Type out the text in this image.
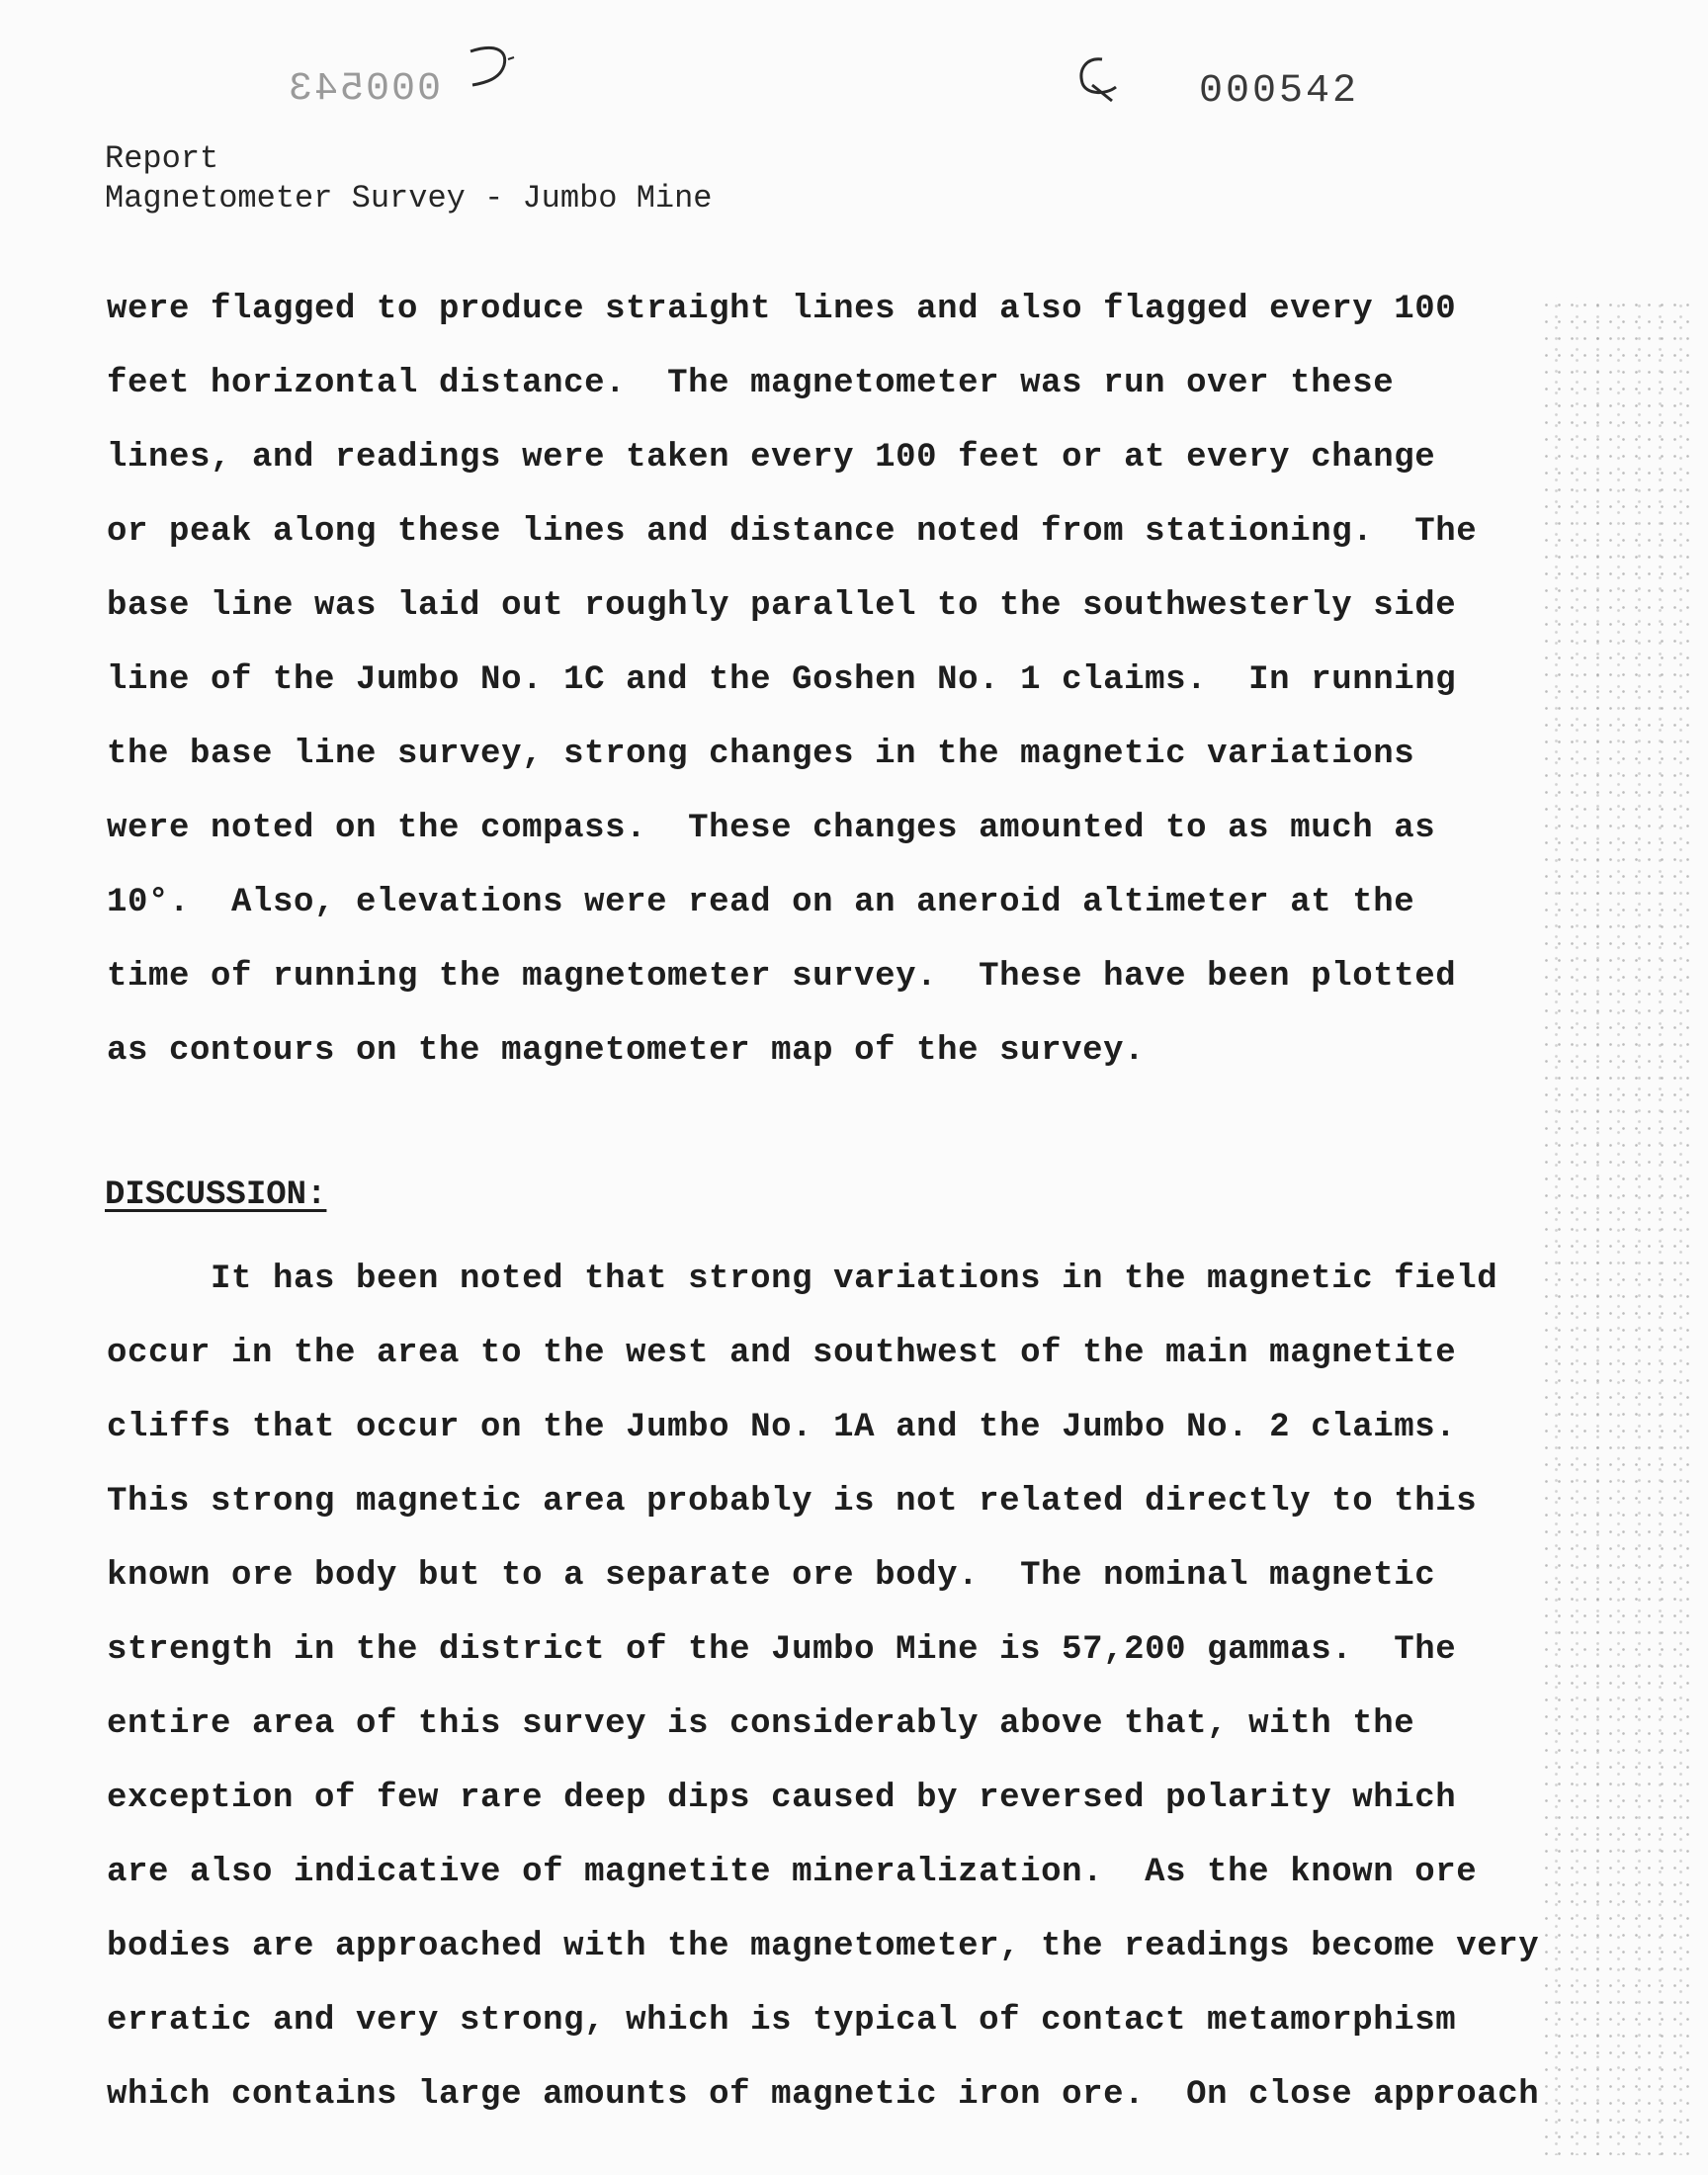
000543	000542
Report
Magnetometer Survey - Jumbo Mine
were flagged to produce straight lines and also flagged every 100
feet horizontal distance.  The magnetometer was run over these
lines, and readings were taken every 100 feet or at every change
or peak along these lines and distance noted from stationing.  The
base line was laid out roughly parallel to the southwesterly side
line of the Jumbo No. 1C and the Goshen No. 1 claims.  In running
the base line survey, strong changes in the magnetic variations
were noted on the compass.  These changes amounted to as much as
10°.  Also, elevations were read on an aneroid altimeter at the
time of running the magnetometer survey.  These have been plotted
as contours on the magnetometer map of the survey.
DISCUSSION:
It has been noted that strong variations in the magnetic field
occur in the area to the west and southwest of the main magnetite
cliffs that occur on the Jumbo No. 1A and the Jumbo No. 2 claims.
This strong magnetic area probably is not related directly to this
known ore body but to a separate ore body.  The nominal magnetic
strength in the district of the Jumbo Mine is 57,200 gammas.  The
entire area of this survey is considerably above that, with the
exception of few rare deep dips caused by reversed polarity which
are also indicative of magnetite mineralization.  As the known ore
bodies are approached with the magnetometer, the readings become very
erratic and very strong, which is typical of contact metamorphism
which contains large amounts of magnetic iron ore.  On close approach
